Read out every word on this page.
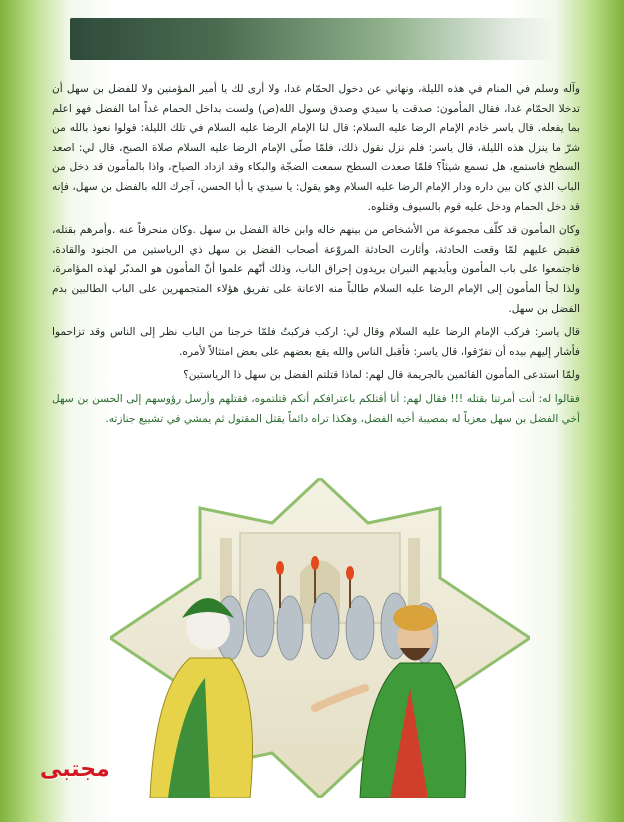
وآله وسلم في المنام في هذه الليلة، ونهاني عن دخول الحمّام غدا، ولا أرى لك يا أمير المؤمنين ولا للفضل بن سهل أن تدخلا الحمّام غدا، فقال المأمون: صدقت يا سيدي وصدق وسول الله(ص) ولست بداخل الحمام غداً اما الفضل فهو اعلم بما يفعله. قال ياسر خادم الإمام الرضا عليه السلام: قال لنا الإمام الرضا عليه السلام في تلك الليلة: قولوا نعوذ بالله من شرّ ما ينزل هذه الليلة، قال ياسر: فلم نزل نقول ذلك، فلمّا صلّى الإمام الرضا عليه السلام صلاة الصبح، قال لي: اصعد السطح فاستمع، هل تسمع شيئاً؟ فلمّا صعدت السطح سمعت الضجّة والبكاء وقد ازداد الصياح، واذا بالمأمون قد دخل من الباب الذي كان بين داره ودار الإمام الرضا عليه السلام وهو يقول: يا سيدي يا أبا الحسن، آجرك الله بالفضل بن سهل، فإنه قد دخل الحمام ودخل عليه قوم بالسيوف وقتلوه.

وكان المأمون قد كلّف مجموعة من الأشخاص من بينهم خاله وابن خالة الفضل بن سهل .وكان منحرفاً عنه .وأمرهم بقتله، فقبض عليهم لمّا وقعت الحادثة، وأثارت الحادثة المروّعة أصحاب الفضل بن سهل ذي الرياستين من الجنود والقادة، فاجتمعوا على باب المأمون وبأيديهم النيران يريدون إحراق الباب، وذلك أنّهم علموا أنّ المأمون هو المدبّر لهذه المؤامرة، ولذا لجأ المأمون إلى الإمام الرضا عليه السلام طالباً منه الاعانة على تفريق هؤلاء المتجمهرين على الباب الطالبين بدم الفضل بن سهل.

قال ياسر: فركب الإمام الرضا عليه السلام وقال لي: اركب فركبتُ فلمّا خرجنا من الباب نظر إلى الناس وقد تزاحموا فأشار إليهم بيده أن تفرّقوا، قال ياسر: فأقبل الناس والله يقع بعضهم على بعض امتثالاً لأمره.

ولمّا استدعى المأمون القائمين بالجريمة قال لهم: لماذا قتلتم الفضل بن سهل ذا الرياستين؟

فقالوا له: أنت أمرتنا بقتله !!! فقال لهم: أنا أقتلكم باعترافكم أنكم قتلتموه، فقتلهم وأرسل رؤوسهم إلى الحسن بن سهل أخي الفضل بن سهل معزياً له بمصيبة أخيه الفضل، وهكذا تراه دائماً يقتل المقتول ثم يمشي في تشييع جنازته.

مجتبی
